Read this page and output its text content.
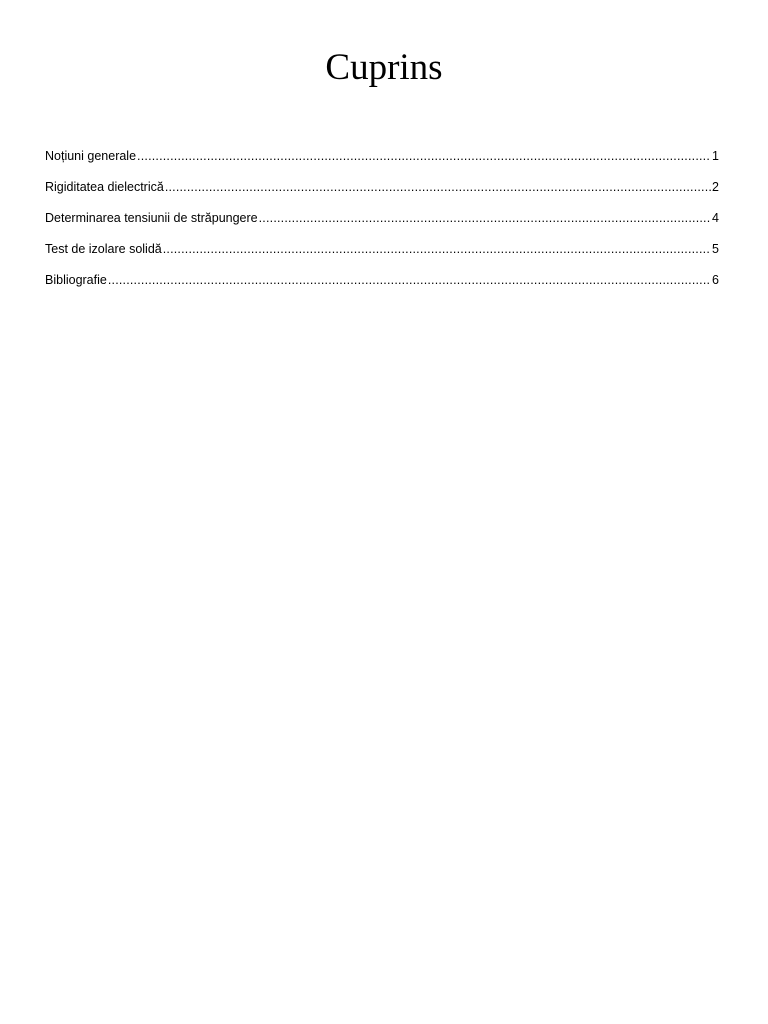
Cuprins
Noțiuni generale .....	1
Rigiditatea dielectrică .....	2
Determinarea tensiunii de străpungere .....	4
Test de izolare solidă .....	5
Bibliografie .....	6
